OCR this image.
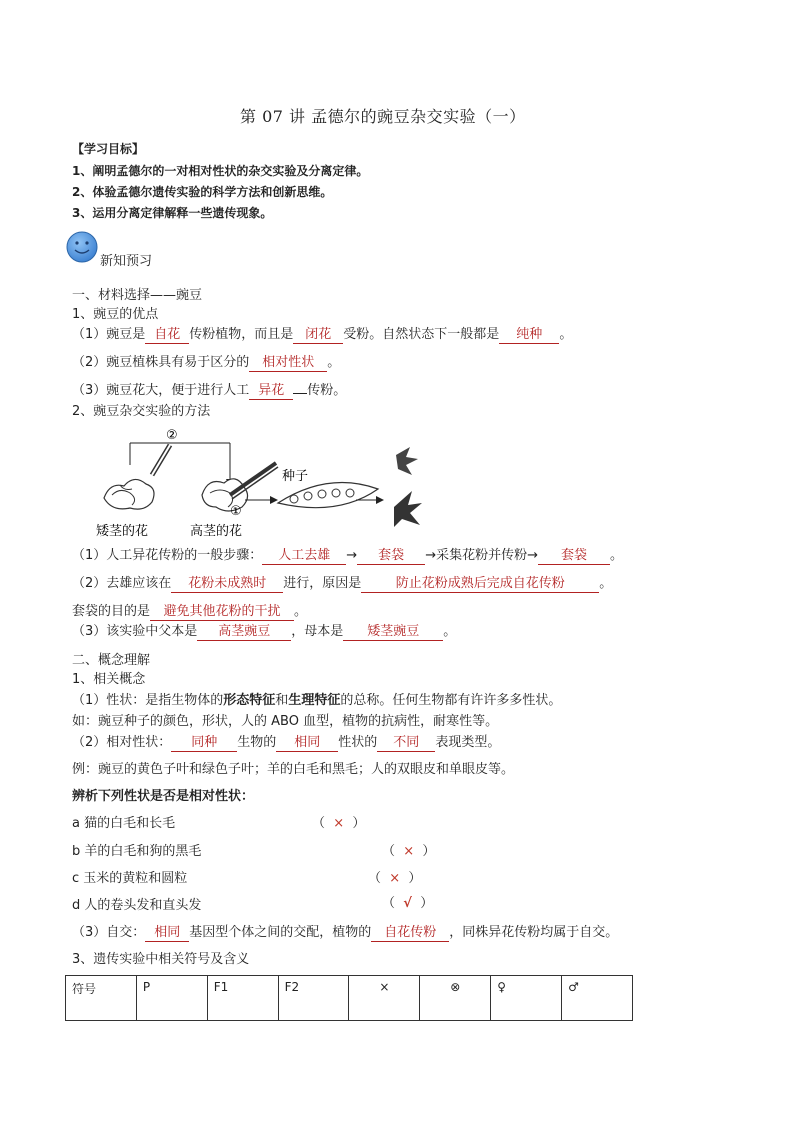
第 07 讲 孟德尔的豌豆杂交实验（一）
【学习目标】
1、阐明孟德尔的一对相对性状的杂交实验及分离定律。
2、体验孟德尔遗传实验的科学方法和创新思维。
3、运用分离定律解释一些遗传现象。
新知预习
一、材料选择——豌豆
1、豌豆的优点
（1）豌豆是 自花 传粉植物，而且是 闭花 受粉。自然状态下一般都是 纯种 。
（2）豌豆植株具有易于区分的 相对性状 。
（3）豌豆花大，便于进行人工 异花 传粉。
2、豌豆杂交实验的方法
②
①
种子
矮茎的花	高茎的花
（1）人工异花传粉的一般步骤： 人工去雄 → 套袋 →采集花粉并传粉→ 套袋 。
（2）去雄应该在 花粉未成熟时 进行，原因是	防止花粉成熟后完成自花传粉	。
套袋的目的是 避免其他花粉的干扰 。
（3）该实验中父本是 高茎豌豆 ，母本是 矮茎豌豆 。
二、概念理解
1、相关概念
（1）性状：是指生物体的形态特征和生理特征的总称。任何生物都有许许多多性状。
如：豌豆种子的颜色，形状，人的 ABO 血型，植物的抗病性，耐寒性等。
（2）相对性状： 同种 生物的 相同 性状的 不同 表现类型。
例：豌豆的黄色子叶和绿色子叶；羊的白毛和黑毛；人的双眼皮和单眼皮等。
辨析下列性状是否是相对性状：
a 猫的白毛和长毛	（  ×  ）
b 羊的白毛和狗的黑毛	（  ×  ）
c 玉米的黄粒和圆粒	（  ×  ）
d 人的卷头发和直头发	（  √  ）
（3）自交： 相同 基因型个体之间的交配，植物的 自花传粉 ，同株异花传粉均属于自交。
3、遗传实验中相关符号及含义
符号	P	F1	F2	×	⊗	♀	♂
